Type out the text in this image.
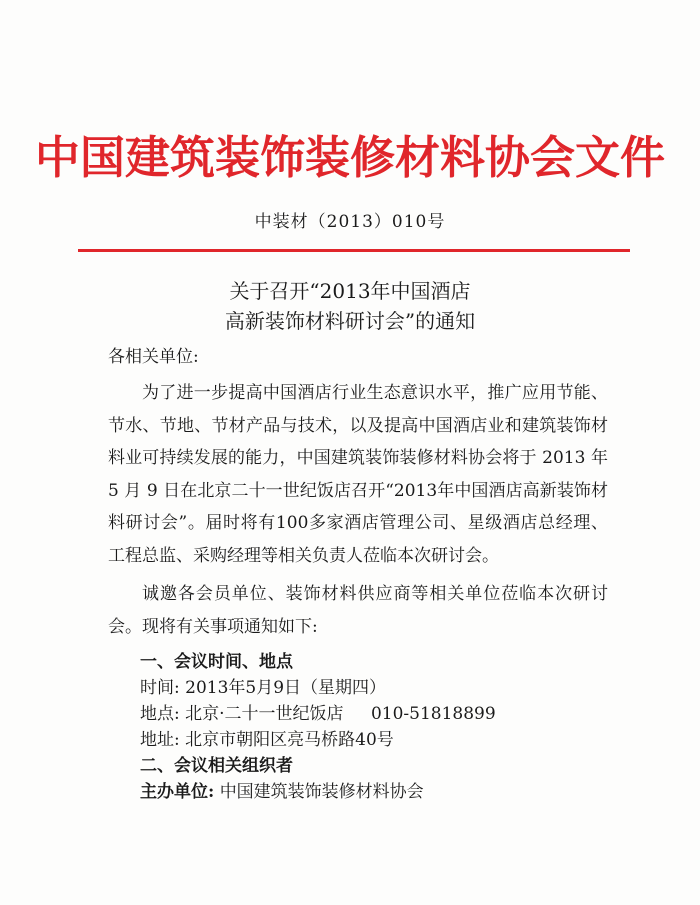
中国建筑装饰装修材料协会文件
中装材（2013）010号
关于召开“2013年中国酒店
高新装饰材料研讨会”的通知
各相关单位:

为了进一步提高中国酒店行业生态意识水平，推广应用节能、节水、节地、节材产品与技术，以及提高中国酒店业和建筑装饰材料业可持续发展的能力，中国建筑装饰装修材料协会将于 2013 年 5 月 9 日在北京二十一世纪饭店召开“2013年中国酒店高新装饰材料研讨会”。届时将有100多家酒店管理公司、星级酒店总经理、工程总监、采购经理等相关负责人莅临本次研讨会。

诚邀各会员单位、装饰材料供应商等相关单位莅临本次研讨会。现将有关事项通知如下:

一、会议时间、地点
时间: 2013年5月9日（星期四）
地点: 北京·二十一世纪饭店 010-51818899
地址: 北京市朝阳区亮马桥路40号
二、会议相关组织者
主办单位: 中国建筑装饰装修材料协会
